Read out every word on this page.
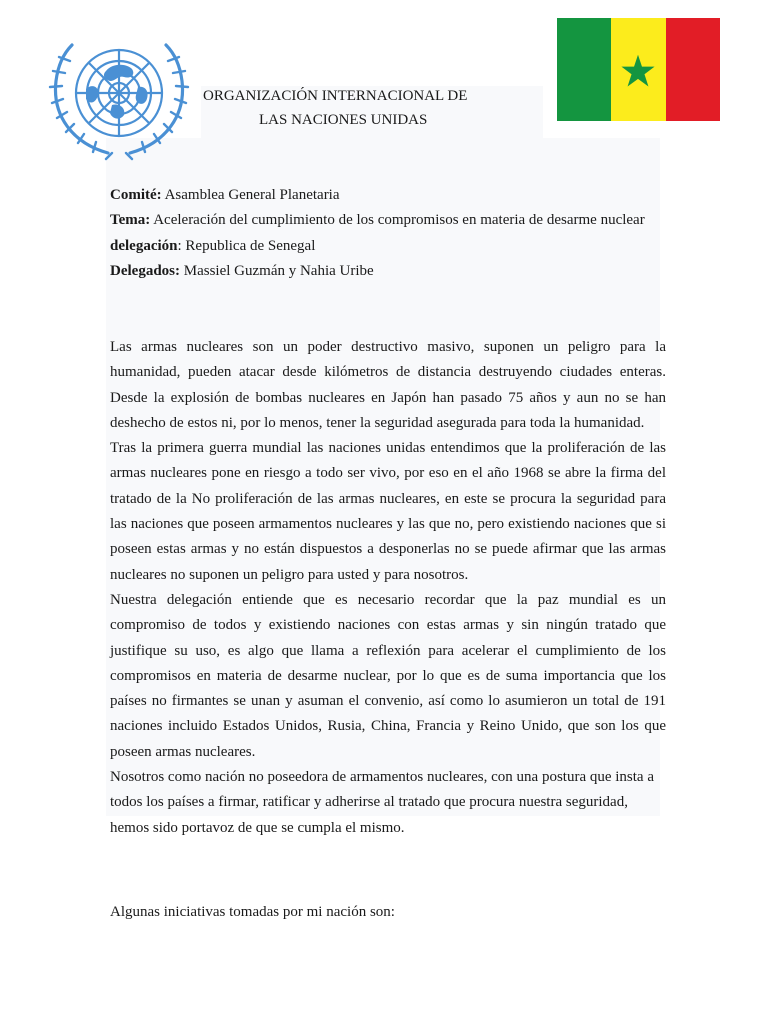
ORGANIZACIÓN INTERNACIONAL DE
LAS NACIONES UNIDAS

Comité: Asamblea General Planetaria

Tema: Aceleración del cumplimiento de los compromisos en materia de desarme nuclear

delegación: Republica de Senegal

Delegados: Massiel Guzmán y Nahia Uribe

Las armas nucleares son un poder destructivo masivo, suponen un peligro para la humanidad, pueden atacar desde kilómetros de distancia destruyendo ciudades enteras. Desde la explosión de bombas nucleares en Japón han pasado 75 años y aun no se han deshecho de estos ni, por lo menos, tener la seguridad asegurada para toda la humanidad.

Tras la primera guerra mundial las naciones unidas entendimos que la proliferación de las armas nucleares pone en riesgo a todo ser vivo, por eso en el año 1968 se abre la firma del tratado de la No proliferación de las armas nucleares, en este se procura la seguridad para las naciones que poseen armamentos nucleares y las que no, pero existiendo naciones que si poseen estas armas y no están dispuestos a desponerlas no se puede afirmar que las armas nucleares no suponen un peligro para usted y para nosotros.

Nuestra delegación entiende que es necesario recordar que la paz mundial es un compromiso de todos y existiendo naciones con estas armas y sin ningún tratado que justifique su uso, es algo que llama a reflexión para acelerar el cumplimiento de los compromisos en materia de desarme nuclear, por lo que es de suma importancia que los países no firmantes se unan y asuman el convenio, así como lo asumieron un total de 191 naciones incluido Estados Unidos, Rusia, China, Francia y Reino Unido, que son los que poseen armas nucleares.

Nosotros como nación no poseedora de armamentos nucleares, con una postura que insta a todos los países a firmar, ratificar y adherirse al tratado que procura nuestra seguridad, hemos sido portavoz de que se cumpla el mismo.

Algunas iniciativas tomadas por mi nación son:
